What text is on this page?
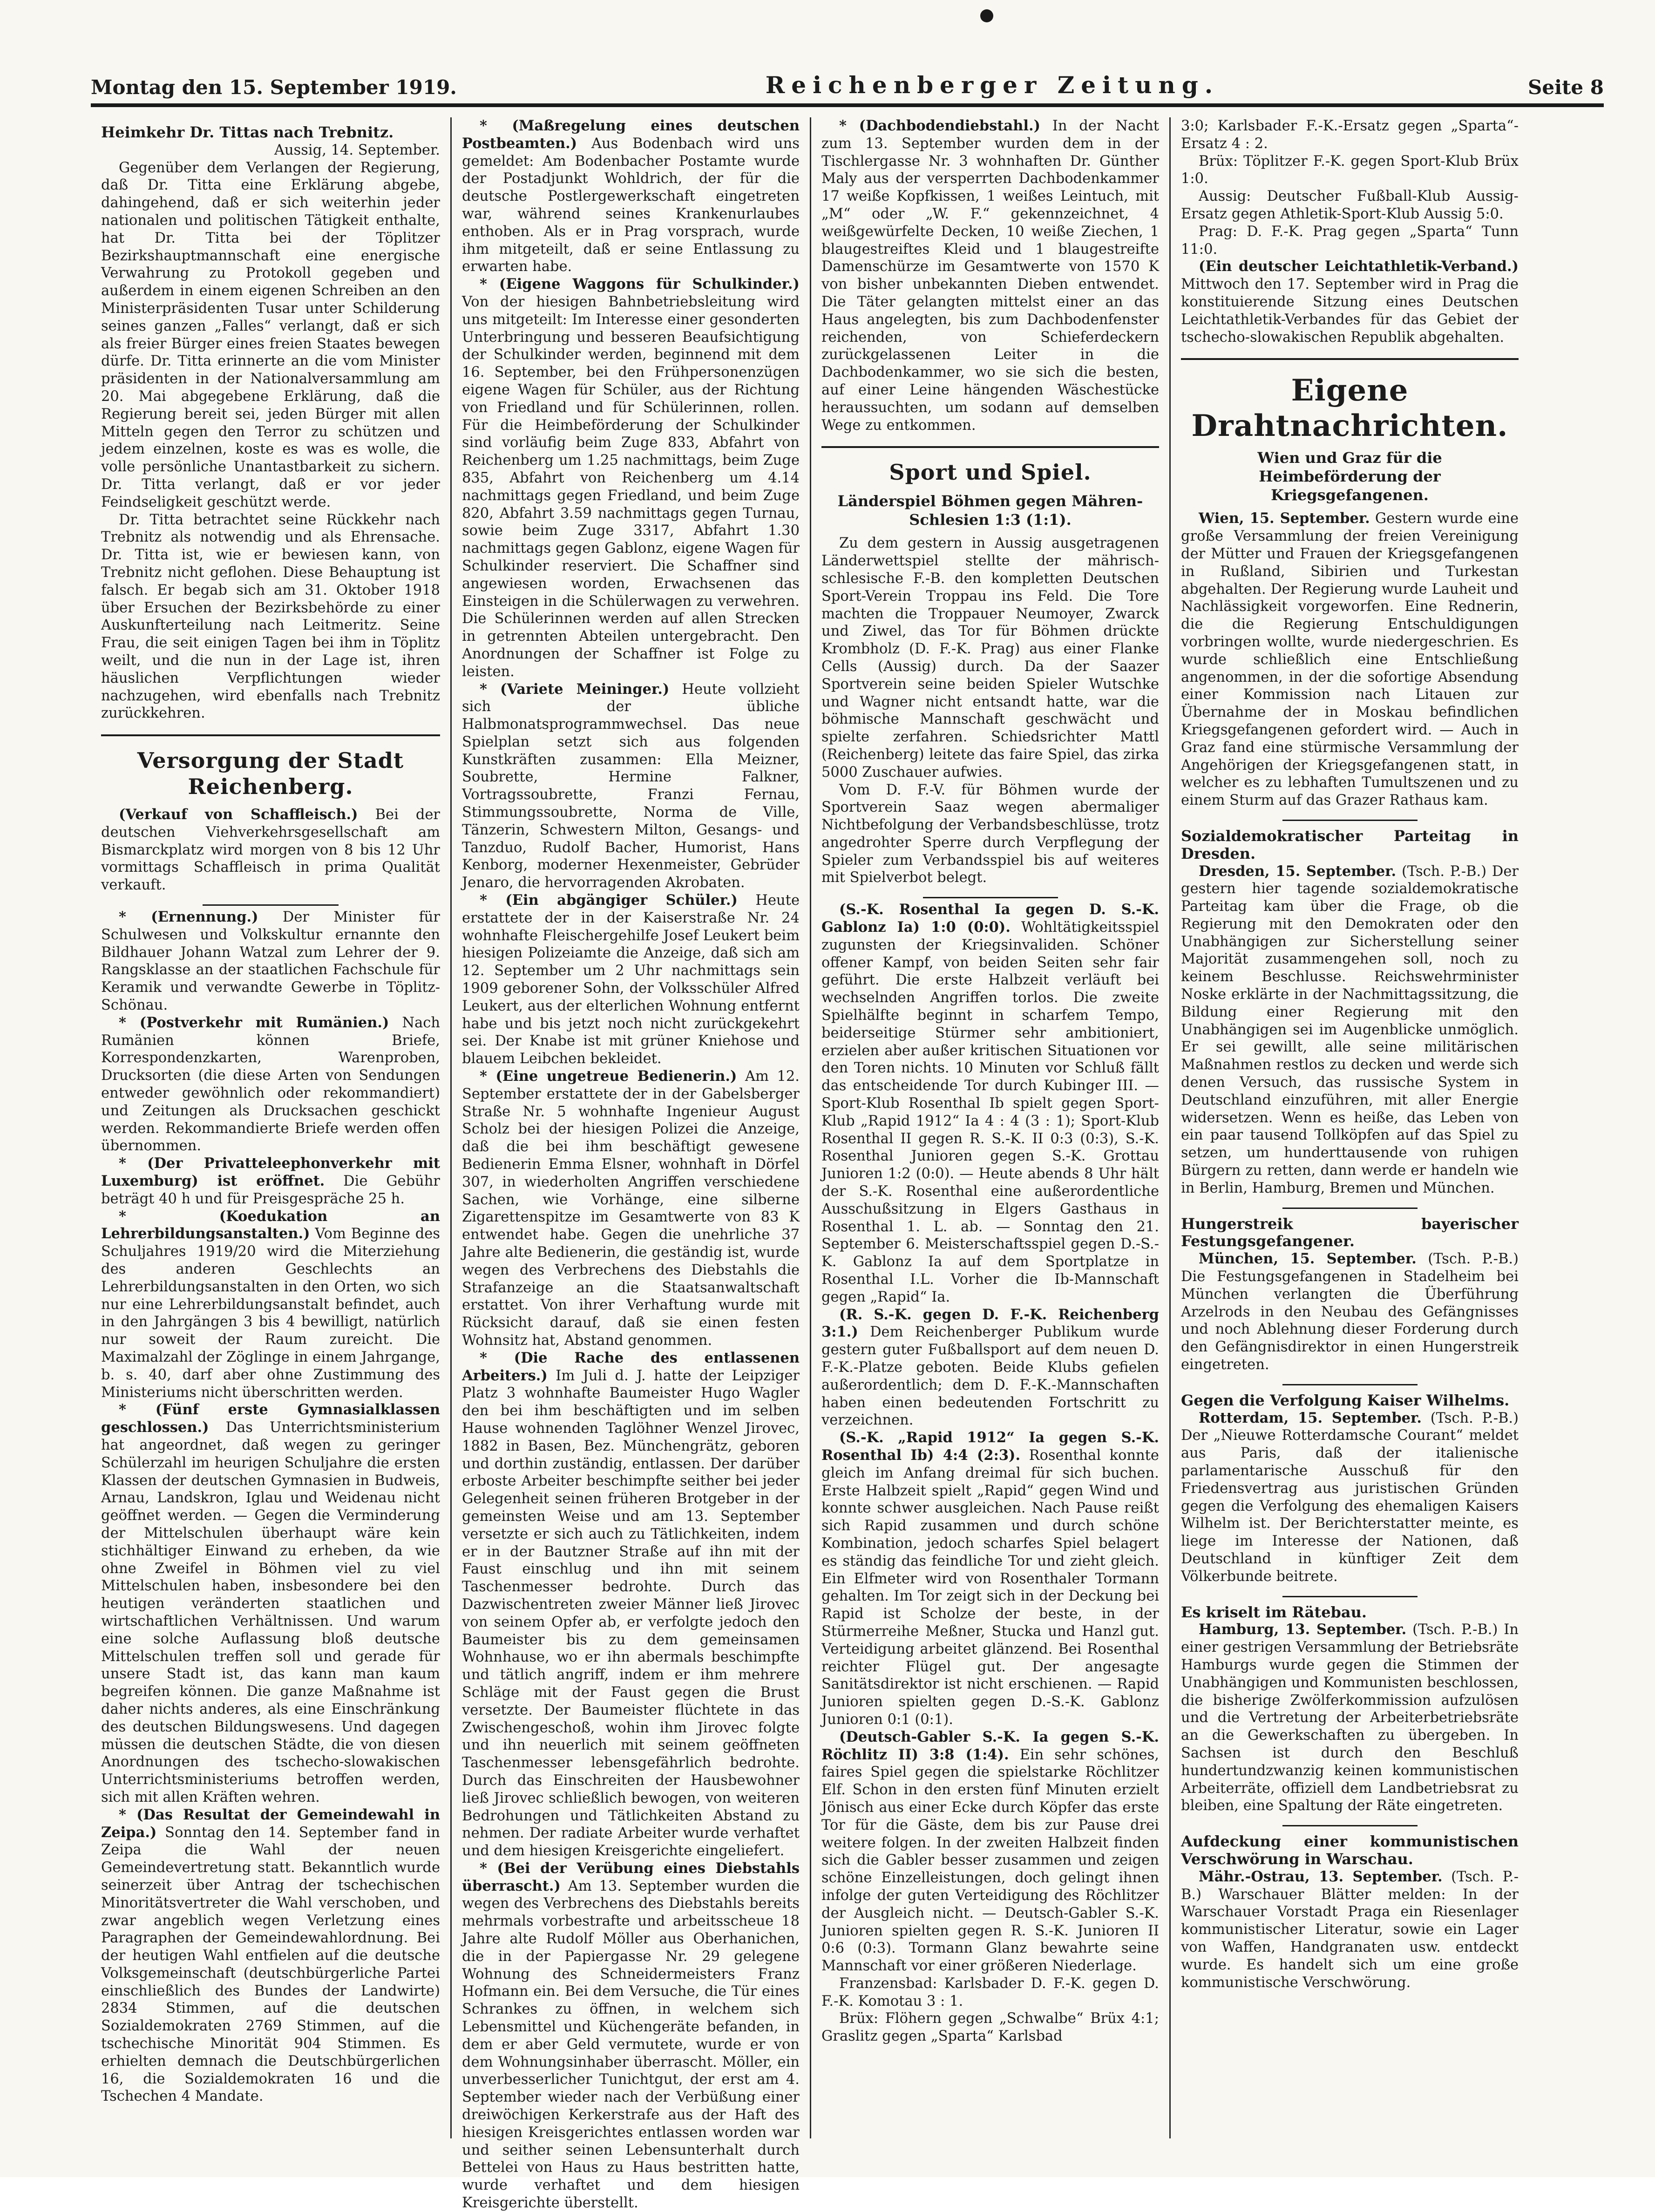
Montag den 15. September 1919.	Reichenberger Zeitung.	Seite 8
Heimkehr Dr. Tittas nach Trebnitz.

Aussig, 14. September.

Gegenüber dem Verlangen der Regierung, daß Dr. Titta eine Erklärung abgebe, dahingehend, daß er sich weiterhin jeder nationalen und politischen Tätigkeit enthalte, hat Dr. Titta bei der Töplitzer Bezirkshauptmannschaft eine energische Verwahrung zu Protokoll gegeben und außerdem in einem eigenen Schreiben an den Ministerpräsidenten Tusar unter Schilderung seines ganzen „Falles“ verlangt, daß er sich als freier Bürger eines freien Staates bewegen dürfe. Dr. Titta erinnerte an die vom Minister präsidenten in der Nationalversammlung am 20. Mai abgegebene Erklärung, daß die Regierung bereit sei, jeden Bürger mit allen Mitteln gegen den Terror zu schützen und jedem einzelnen, koste es was es wolle, die volle persönliche Unantastbarkeit zu sichern. Dr. Titta verlangt, daß er vor jeder Feindseligkeit geschützt werde.

Dr. Titta betrachtet seine Rückkehr nach Trebnitz als notwendig und als Ehrensache. Dr. Titta ist, wie er bewiesen kann, von Trebnitz nicht geflohen. Diese Behauptung ist falsch. Er begab sich am 31. Oktober 1918 über Ersuchen der Bezirksbehörde zu einer Auskunfterteilung nach Leitmeritz. Seine Frau, die seit einigen Tagen bei ihm in Töplitz weilt, und die nun in der Lage ist, ihren häuslichen Verpflichtungen wieder nachzugehen, wird ebenfalls nach Trebnitz zurückkehren.

Versorgung der Stadt Reichenberg.

(Verkauf von Schaffleisch.) Bei der deutschen Viehverkehrsgesellschaft am Bismarckplatz wird morgen von 8 bis 12 Uhr vormittags Schaffleisch in prima Qualität verkauft.

* (Ernennung.) Der Minister für Schulwesen und Volkskultur ernannte den Bildhauer Johann Watzal zum Lehrer der 9. Rangsklasse an der staatlichen Fachschule für Keramik und verwandte Gewerbe in Töplitz-Schönau.

* (Postverkehr mit Rumänien.) Nach Rumänien können Briefe, Korrespondenzkarten, Warenproben, Drucksorten (die diese Arten von Sendungen entweder gewöhnlich oder rekommandiert) und Zeitungen als Drucksachen geschickt werden. Rekommandierte Briefe werden offen übernommen.

* (Der Privatteleephonverkehr mit Luxemburg) ist eröffnet. Die Gebühr beträgt 40 h und für Preisgespräche 25 h.

* (Koedukation an Lehrerbildungsanstalten.) Vom Beginne des Schuljahres 1919/20 wird die Miterziehung des anderen Geschlechts an Lehrerbildungsanstalten in den Orten, wo sich nur eine Lehrerbildungsanstalt befindet, auch in den Jahrgängen 3 bis 4 bewilligt, natürlich nur soweit der Raum zureicht. Die Maximalzahl der Zöglinge in einem Jahrgange, b. s. 40, darf aber ohne Zustimmung des Ministeriums nicht überschritten werden.

* (Fünf erste Gymnasialklassen geschlossen.) Das Unterrichtsministerium hat angeordnet, daß wegen zu geringer Schülerzahl im heurigen Schuljahre die ersten Klassen der deutschen Gymnasien in Budweis, Arnau, Landskron, Iglau und Weidenau nicht geöffnet werden. — Gegen die Verminderung der Mittelschulen überhaupt wäre kein stichhältiger Einwand zu erheben, da wie ohne Zweifel in Böhmen viel zu viel Mittelschulen haben, insbesondere bei den heutigen veränderten staatlichen und wirtschaftlichen Verhältnissen. Und warum eine solche Auflassung bloß deutsche Mittelschulen treffen soll und gerade für unsere Stadt ist, das kann man kaum begreifen können. Die ganze Maßnahme ist daher nichts anderes, als eine Einschränkung des deutschen Bildungswesens. Und dagegen müssen die deutschen Städte, die von diesen Anordnungen des tschecho-slowakischen Unterrichtsministeriums betroffen werden, sich mit allen Kräften wehren.

* (Das Resultat der Gemeindewahl in Zeipa.) Sonntag den 14. September fand in Zeipa die Wahl der neuen Gemeindevertretung statt. Bekanntlich wurde seinerzeit über Antrag der tschechischen Minoritätsvertreter die Wahl verschoben, und zwar angeblich wegen Verletzung eines Paragraphen der Gemeindewahlordnung. Bei der heutigen Wahl entfielen auf die deutsche Volksgemeinschaft (deutschbürgerliche Partei einschließlich des Bundes der Landwirte) 2834 Stimmen, auf die deutschen Sozialdemokraten 2769 Stimmen, auf die tschechische Minorität 904 Stimmen. Es erhielten demnach die Deutschbürgerlichen 16, die Sozialdemokraten 16 und die Tschechen 4 Mandate.

* (Maßregelung eines deutschen Postbeamten.) Aus Bodenbach wird uns gemeldet: Am Bodenbacher Postamte wurde der Postadjunkt Wohldrich, der für die deutsche Postlergewerkschaft eingetreten war, während seines Krankenurlaubes enthoben. Als er in Prag vorsprach, wurde ihm mitgeteilt, daß er seine Entlassung zu erwarten habe.

* (Eigene Waggons für Schulkinder.) Von der hiesigen Bahnbetriebsleitung wird uns mitgeteilt: Im Interesse einer gesonderten Unterbringung und besseren Beaufsichtigung der Schulkinder werden, beginnend mit dem 16. September, bei den Frühpersonenzügen eigene Wagen für Schüler, aus der Richtung von Friedland und für Schülerinnen, rollen. Für die Heimbeförderung der Schulkinder sind vorläufig beim Zuge 833, Abfahrt von Reichenberg um 1.25 nachmittags, beim Zuge 835, Abfahrt von Reichenberg um 4.14 nachmittags gegen Friedland, und beim Zuge 820, Abfahrt 3.59 nachmittags gegen Turnau, sowie beim Zuge 3317, Abfahrt 1.30 nachmittags gegen Gablonz, eigene Wagen für Schulkinder reserviert. Die Schaffner sind angewiesen worden, Erwachsenen das Einsteigen in die Schülerwagen zu verwehren. Die Schülerinnen werden auf allen Strecken in getrennten Abteilen untergebracht. Den Anordnungen der Schaffner ist Folge zu leisten.

* (Variete Meininger.) Heute vollzieht sich der übliche Halbmonatsprogrammwechsel. Das neue Spielplan setzt sich aus folgenden Kunstkräften zusammen: Ella Meizner, Soubrette, Hermine Falkner, Vortragssoubrette, Franzi Fernau, Stimmungssoubrette, Norma de Ville, Tänzerin, Schwestern Milton, Gesangs- und Tanzduo, Rudolf Bacher, Humorist, Hans Kenborg, moderner Hexenmeister, Gebrüder Jenaro, die hervorragenden Akrobaten.

* (Ein abgängiger Schüler.) Heute erstattete der in der Kaiserstraße Nr. 24 wohnhafte Fleischergehilfe Josef Leukert beim hiesigen Polizeiamte die Anzeige, daß sich am 12. September um 2 Uhr nachmittags sein 1909 geborener Sohn, der Volksschüler Alfred Leukert, aus der elterlichen Wohnung entfernt habe und bis jetzt noch nicht zurückgekehrt sei. Der Knabe ist mit grüner Kniehose und blauem Leibchen bekleidet.

* (Eine ungetreue Bedienerin.) Am 12. September erstattete der in der Gabelsberger Straße Nr. 5 wohnhafte Ingenieur August Scholz bei der hiesigen Polizei die Anzeige, daß die bei ihm beschäftigt gewesene Bedienerin Emma Elsner, wohnhaft in Dörfel 307, in wiederholten Angriffen verschiedene Sachen, wie Vorhänge, eine silberne Zigarettenspitze im Gesamtwerte von 83 K entwendet habe. Gegen die unehrliche 37 Jahre alte Bedienerin, die geständig ist, wurde wegen des Verbrechens des Diebstahls die Strafanzeige an die Staatsanwaltschaft erstattet. Von ihrer Verhaftung wurde mit Rücksicht darauf, daß sie einen festen Wohnsitz hat, Abstand genommen.

* (Die Rache des entlassenen Arbeiters.) Im Juli d. J. hatte der Leipziger Platz 3 wohnhafte Baumeister Hugo Wagler den bei ihm beschäftigten und im selben Hause wohnenden Taglöhner Wenzel Jirovec, 1882 in Basen, Bez. Münchengrätz, geboren und dorthin zuständig, entlassen. Der darüber erboste Arbeiter beschimpfte seither bei jeder Gelegenheit seinen früheren Brotgeber in der gemeinsten Weise und am 13. September versetzte er sich auch zu Tätlichkeiten, indem er in der Bautzner Straße auf ihn mit der Faust einschlug und ihn mit seinem Taschenmesser bedrohte. Durch das Dazwischentreten zweier Männer ließ Jirovec von seinem Opfer ab, er verfolgte jedoch den Baumeister bis zu dem gemeinsamen Wohnhause, wo er ihn abermals beschimpfte und tätlich angriff, indem er ihm mehrere Schläge mit der Faust gegen die Brust versetzte. Der Baumeister flüchtete in das Zwischengeschoß, wohin ihm Jirovec folgte und ihn neuerlich mit seinem geöffneten Taschenmesser lebensgefährlich bedrohte. Durch das Einschreiten der Hausbewohner ließ Jirovec schließlich bewogen, von weiteren Bedrohungen und Tätlichkeiten Abstand zu nehmen. Der radiate Arbeiter wurde verhaftet und dem hiesigen Kreisgerichte eingeliefert.

* (Bei der Verübung eines Diebstahls überrascht.) Am 13. September wurden die wegen des Verbrechens des Diebstahls bereits mehrmals vorbestrafte und arbeitsscheue 18 Jahre alte Rudolf Möller aus Oberhanichen, die in der Papiergasse Nr. 29 gelegene Wohnung des Schneidermeisters Franz Hofmann ein. Bei dem Versuche, die Tür eines Schrankes zu öffnen, in welchem sich Lebensmittel und Küchengeräte befanden, in dem er aber Geld vermutete, wurde er von dem Wohnungsinhaber überrascht. Möller, ein unverbesserlicher Tunichtgut, der erst am 4. September wieder nach der Verbüßung einer dreiwöchigen Kerkerstrafe aus der Haft des hiesigen Kreisgerichtes entlassen worden war und seither seinen Lebensunterhalt durch Bettelei von Haus zu Haus bestritten hatte, wurde verhaftet und dem hiesigen Kreisgerichte überstellt.

* (Dachbodendiebstahl.) In der Nacht zum 13. September wurden dem in der Tischlergasse Nr. 3 wohnhaften Dr. Günther Maly aus der versperrten Dachbodenkammer 17 weiße Kopfkissen, 1 weißes Leintuch, mit „M“ oder „W. F.“ gekennzeichnet, 4 weißgewürfelte Decken, 10 weiße Ziechen, 1 blaugestreiftes Kleid und 1 blaugestreifte Damenschürze im Gesamtwerte von 1570 K von bisher unbekannten Dieben entwendet. Die Täter gelangten mittelst einer an das Haus angelegten, bis zum Dachbodenfenster reichenden, von Schieferdeckern zurückgelassenen Leiter in die Dachbodenkammer, wo sie sich die besten, auf einer Leine hängenden Wäschestücke heraussuchten, um sodann auf demselben Wege zu entkommen.

Sport und Spiel.
Länderspiel Böhmen gegen Mähren-Schlesien 1:3 (1:1).

Zu dem gestern in Aussig ausgetragenen Länderwettspiel stellte der mährisch-schlesische F.-B. den kompletten Deutschen Sport-Verein Troppau ins Feld. Die Tore machten die Troppauer Neumoyer, Zwarck und Ziwel, das Tor für Böhmen drückte Krombholz (D. F.-K. Prag) aus einer Flanke Cells (Aussig) durch. Da der Saazer Sportverein seine beiden Spieler Wutschke und Wagner nicht entsandt hatte, war die böhmische Mannschaft geschwächt und spielte zerfahren. Schiedsrichter Mattl (Reichenberg) leitete das faire Spiel, das zirka 5000 Zuschauer aufwies.

Vom D. F.-V. für Böhmen wurde der Sportverein Saaz wegen abermaliger Nichtbefolgung der Verbandsbeschlüsse, trotz angedrohter Sperre durch Verpflegung der Spieler zum Verbandsspiel bis auf weiteres mit Spielverbot belegt.

(S.-K. Rosenthal Ia gegen D. S.-K. Gablonz Ia) 1:0 (0:0). Wohltätigkeitsspiel zugunsten der Kriegsinvaliden. Schöner offener Kampf, von beiden Seiten sehr fair geführt. Die erste Halbzeit verläuft bei wechselnden Angriffen torlos. Die zweite Spielhälfte beginnt in scharfem Tempo, beiderseitige Stürmer sehr ambitioniert, erzielen aber außer kritischen Situationen vor den Toren nichts. 10 Minuten vor Schluß fällt das entscheidende Tor durch Kubinger III. — Sport-Klub Rosenthal Ib spielt gegen Sport-Klub „Rapid 1912“ Ia 4 : 4 (3 : 1); Sport-Klub Rosenthal II gegen R. S.-K. II 0:3 (0:3), S.-K. Rosenthal Junioren gegen S.-K. Grottau Junioren 1:2 (0:0). — Heute abends 8 Uhr hält der S.-K. Rosenthal eine außerordentliche Ausschußsitzung in Elgers Gasthaus in Rosenthal 1. L. ab. — Sonntag den 21. September 6. Meisterschaftsspiel gegen D.-S.-K. Gablonz Ia auf dem Sportplatze in Rosenthal I.L. Vorher die Ib-Mannschaft gegen „Rapid“ Ia.

(R. S.-K. gegen D. F.-K. Reichenberg 3:1.) Dem Reichenberger Publikum wurde gestern guter Fußballsport auf dem neuen D. F.-K.-Platze geboten. Beide Klubs gefielen außerordentlich; dem D. F.-K.-Mannschaften haben einen bedeutenden Fortschritt zu verzeichnen.

(S.-K. „Rapid 1912“ Ia gegen S.-K. Rosenthal Ib) 4:4 (2:3). Rosenthal konnte gleich im Anfang dreimal für sich buchen. Erste Halbzeit spielt „Rapid“ gegen Wind und konnte schwer ausgleichen. Nach Pause reißt sich Rapid zusammen und durch schöne Kombination, jedoch scharfes Spiel belagert es ständig das feindliche Tor und zieht gleich. Ein Elfmeter wird von Rosenthaler Tormann gehalten. Im Tor zeigt sich in der Deckung bei Rapid ist Scholze der beste, in der Stürmerreihe Meßner, Stucka und Hanzl gut. Verteidigung arbeitet glänzend. Bei Rosenthal reichter Flügel gut. Der angesagte Sanitätsdirektor ist nicht erschienen. — Rapid Junioren spielten gegen D.-S.-K. Gablonz Junioren 0:1 (0:1).

(Deutsch-Gabler S.-K. Ia gegen S.-K. Röchlitz II) 3:8 (1:4). Ein sehr schönes, faires Spiel gegen die spielstarke Röchlitzer Elf. Schon in den ersten fünf Minuten erzielt Jönisch aus einer Ecke durch Köpfer das erste Tor für die Gäste, dem bis zur Pause drei weitere folgen. In der zweiten Halbzeit finden sich die Gabler besser zusammen und zeigen schöne Einzelleistungen, doch gelingt ihnen infolge der guten Verteidigung des Röchlitzer der Ausgleich nicht. — Deutsch-Gabler S.-K. Junioren spielten gegen R. S.-K. Junioren II 0:6 (0:3). Tormann Glanz bewahrte seine Mannschaft vor einer größeren Niederlage.

Franzensbad: Karlsbader D. F.-K. gegen D. F.-K. Komotau 3 : 1.

Brüx: Flöhern gegen „Schwalbe“ Brüx 4:1; Graslitz gegen „Sparta“ Karlsbad

3:0; Karlsbader F.-K.-Ersatz gegen „Sparta“-Ersatz 4 : 2.

Brüx: Töplitzer F.-K. gegen Sport-Klub Brüx 1:0.

Aussig: Deutscher Fußball-Klub Aussig-Ersatz gegen Athletik-Sport-Klub Aussig 5:0.

Prag: D. F.-K. Prag gegen „Sparta“ Tunn 11:0.

(Ein deutscher Leichtathletik-Verband.) Mittwoch den 17. September wird in Prag die konstituierende Sitzung eines Deutschen Leichtathletik-Verbandes für das Gebiet der tschecho-slowakischen Republik abgehalten.

Eigene Drahtnachrichten.
Wien und Graz für die Heimbeförderung der Kriegsgefangenen.

Wien, 15. September. Gestern wurde eine große Versammlung der freien Vereinigung der Mütter und Frauen der Kriegsgefangenen in Rußland, Sibirien und Turkestan abgehalten. Der Regierung wurde Lauheit und Nachlässigkeit vorgeworfen. Eine Rednerin, die die Regierung Entschuldigungen vorbringen wollte, wurde niedergeschrien. Es wurde schließlich eine Entschließung angenommen, in der die sofortige Absendung einer Kommission nach Litauen zur Übernahme der in Moskau befindlichen Kriegsgefangenen gefordert wird. — Auch in Graz fand eine stürmische Versammlung der Angehörigen der Kriegsgefangenen statt, in welcher es zu lebhaften Tumultszenen und zu einem Sturm auf das Grazer Rathaus kam.

Sozialdemokratischer Parteitag in Dresden.

Dresden, 15. September. (Tsch. P.-B.) Der gestern hier tagende sozialdemokratische Parteitag kam über die Frage, ob die Regierung mit den Demokraten oder den Unabhängigen zur Sicherstellung seiner Majorität zusammengehen soll, noch zu keinem Beschlusse. Reichswehrminister Noske erklärte in der Nachmittagssitzung, die Bildung einer Regierung mit den Unabhängigen sei im Augenblicke unmöglich. Er sei gewillt, alle seine militärischen Maßnahmen restlos zu decken und werde sich denen Versuch, das russische System in Deutschland einzuführen, mit aller Energie widersetzen. Wenn es heiße, das Leben von ein paar tausend Tollköpfen auf das Spiel zu setzen, um hunderttausende von ruhigen Bürgern zu retten, dann werde er handeln wie in Berlin, Hamburg, Bremen und München.

Hungerstreik bayerischer Festungsgefangener.

München, 15. September. (Tsch. P.-B.) Die Festungsgefangenen in Stadelheim bei München verlangten die Überführung Arzelrods in den Neubau des Gefängnisses und noch Ablehnung dieser Forderung durch den Gefängnisdirektor in einen Hungerstreik eingetreten.

Gegen die Verfolgung Kaiser Wilhelms.

Rotterdam, 15. September. (Tsch. P.-B.) Der „Nieuwe Rotterdamsche Courant“ meldet aus Paris, daß der italienische parlamentarische Ausschuß für den Friedensvertrag aus juristischen Gründen gegen die Verfolgung des ehemaligen Kaisers Wilhelm ist. Der Berichterstatter meinte, es liege im Interesse der Nationen, daß Deutschland in künftiger Zeit dem Völkerbunde beitrete.

Es kriselt im Rätebau.

Hamburg, 13. September. (Tsch. P.-B.) In einer gestrigen Versammlung der Betriebsräte Hamburgs wurde gegen die Stimmen der Unabhängigen und Kommunisten beschlossen, die bisherige Zwölferkommission aufzulösen und die Vertretung der Arbeiterbetriebsräte an die Gewerkschaften zu übergeben. In Sachsen ist durch den Beschluß hundertundzwanzig keinen kommunistischen Arbeiterräte, offiziell dem Landbetriebsrat zu bleiben, eine Spaltung der Räte eingetreten.

Aufdeckung einer kommunistischen Verschwörung in Warschau.

Mähr.-Ostrau, 13. September. (Tsch. P.-B.) Warschauer Blätter melden: In der Warschauer Vorstadt Praga ein Riesenlager kommunistischer Literatur, sowie ein Lager von Waffen, Handgranaten usw. entdeckt wurde. Es handelt sich um eine große kommunistische Verschwörung.
